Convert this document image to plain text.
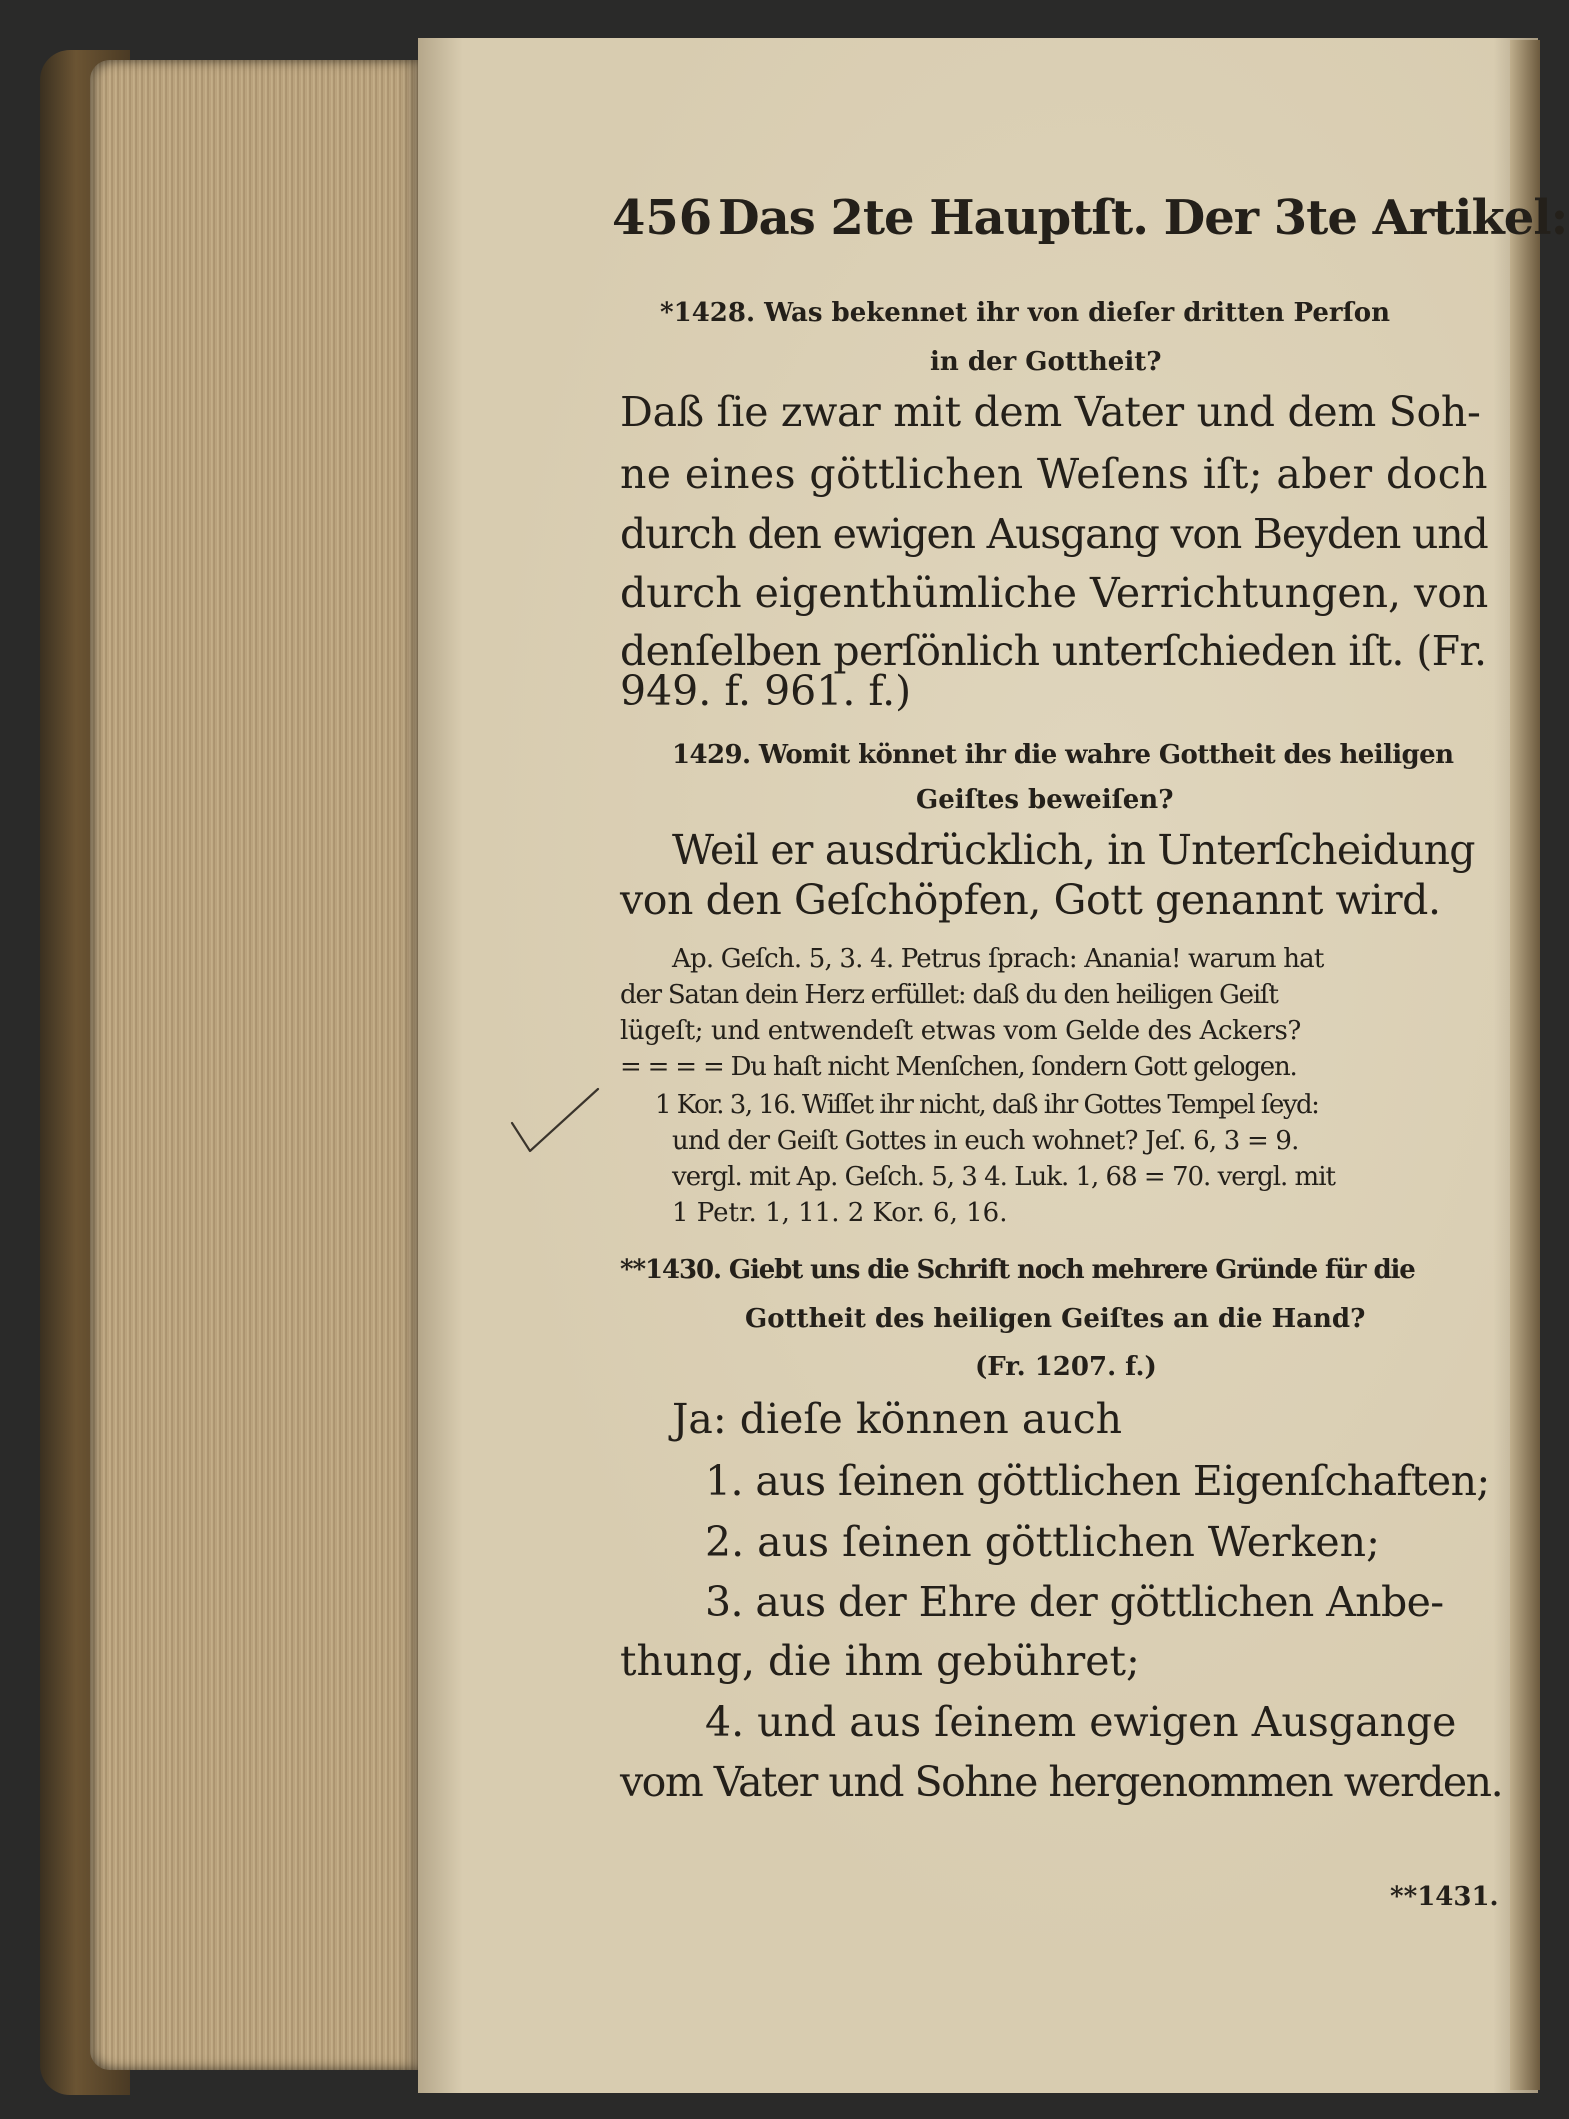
456 Das 2te Hauptſt. Der 3te Artikel:
*1428. Was bekennet ihr von dieſer dritten Perſon
in der Gottheit?
Daß ſie zwar mit dem Vater und dem Soh-
ne eines göttlichen Weſens iſt; aber doch
durch den ewigen Ausgang von Beyden und
durch eigenthümliche Verrichtungen, von
denſelben perſönlich unterſchieden iſt. (Fr.
949. f. 961. f.)
1429. Womit könnet ihr die wahre Gottheit des heiligen
Geiſtes beweiſen?
Weil er ausdrücklich, in Unterſcheidung
von den Geſchöpfen, Gott genannt wird.
Ap. Geſch. 5, 3. 4. Petrus ſprach: Anania! warum hat
der Satan dein Herz erfüllet: daß du den heiligen Geiſt
lügeſt; und entwendeſt etwas vom Gelde des Ackers?
= = = = Du haſt nicht Menſchen, ſondern Gott gelogen.
1 Kor. 3, 16. Wiſſet ihr nicht, daß ihr Gottes Tempel ſeyd:
und der Geiſt Gottes in euch wohnet? Jeſ. 6, 3 = 9.
vergl. mit Ap. Geſch. 5, 3 4. Luk. 1, 68 = 70. vergl. mit
1 Petr. 1, 11. 2 Kor. 6, 16.
**1430. Giebt uns die Schrift noch mehrere Gründe für die
Gottheit des heiligen Geiſtes an die Hand?
(Fr. 1207. f.)
Ja: dieſe können auch
1. aus ſeinen göttlichen Eigenſchaften;
2. aus ſeinen göttlichen Werken;
3. aus der Ehre der göttlichen Anbe-
thung, die ihm gebühret;
4. und aus ſeinem ewigen Ausgange
vom Vater und Sohne hergenommen werden.
**1431.
